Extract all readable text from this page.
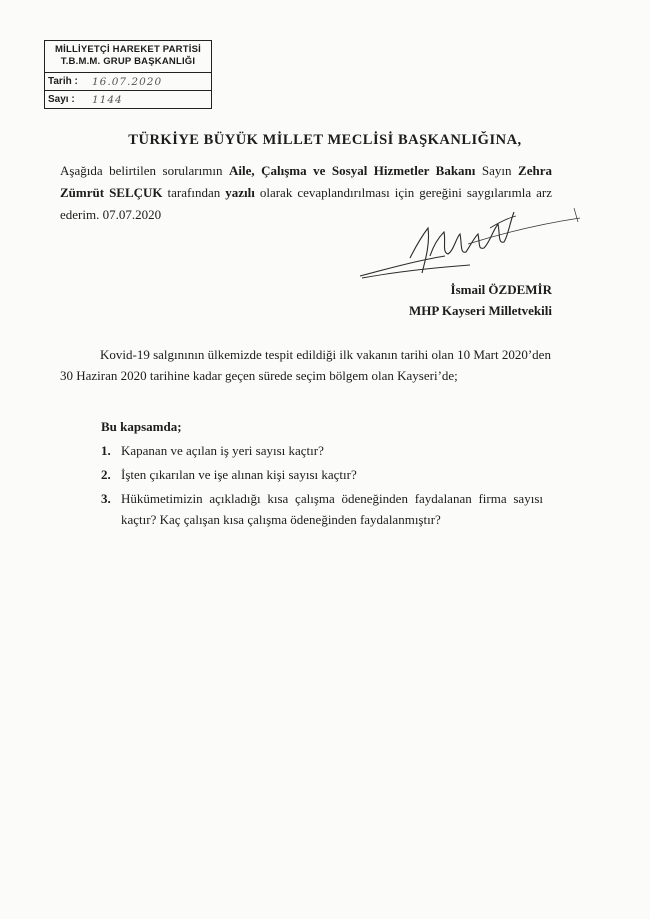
MİLLİYETÇİ HAREKET PARTİSİ
T.B.M.M. GRUP BAŞKANLIĞI
Tarih :	16.07.2020
Sayı :	1144
TÜRKİYE BÜYÜK MİLLET MECLİSİ BAŞKANLIĞINA,
Aşağıda belirtilen sorularımın Aile, Çalışma ve Sosyal Hizmetler Bakanı Sayın Zehra Zümrüt SELÇUK tarafından yazılı olarak cevaplandırılması için gereğini saygılarımla arz ederim. 07.07.2020
İsmail ÖZDEMİR
MHP Kayseri Milletvekili
Kovid-19 salgınının ülkemizde tespit edildiği ilk vakanın tarihi olan 10 Mart 2020’den 30 Haziran 2020 tarihine kadar geçen sürede seçim bölgem olan Kayseri’de;
Bu kapsamda;
1. Kapanan ve açılan iş yeri sayısı kaçtır?
2. İşten çıkarılan ve işe alınan kişi sayısı kaçtır?
3. Hükümetimizin açıkladığı kısa çalışma ödeneğinden faydalanan firma sayısı kaçtır? Kaç çalışan kısa çalışma ödeneğinden faydalanmıştır?
